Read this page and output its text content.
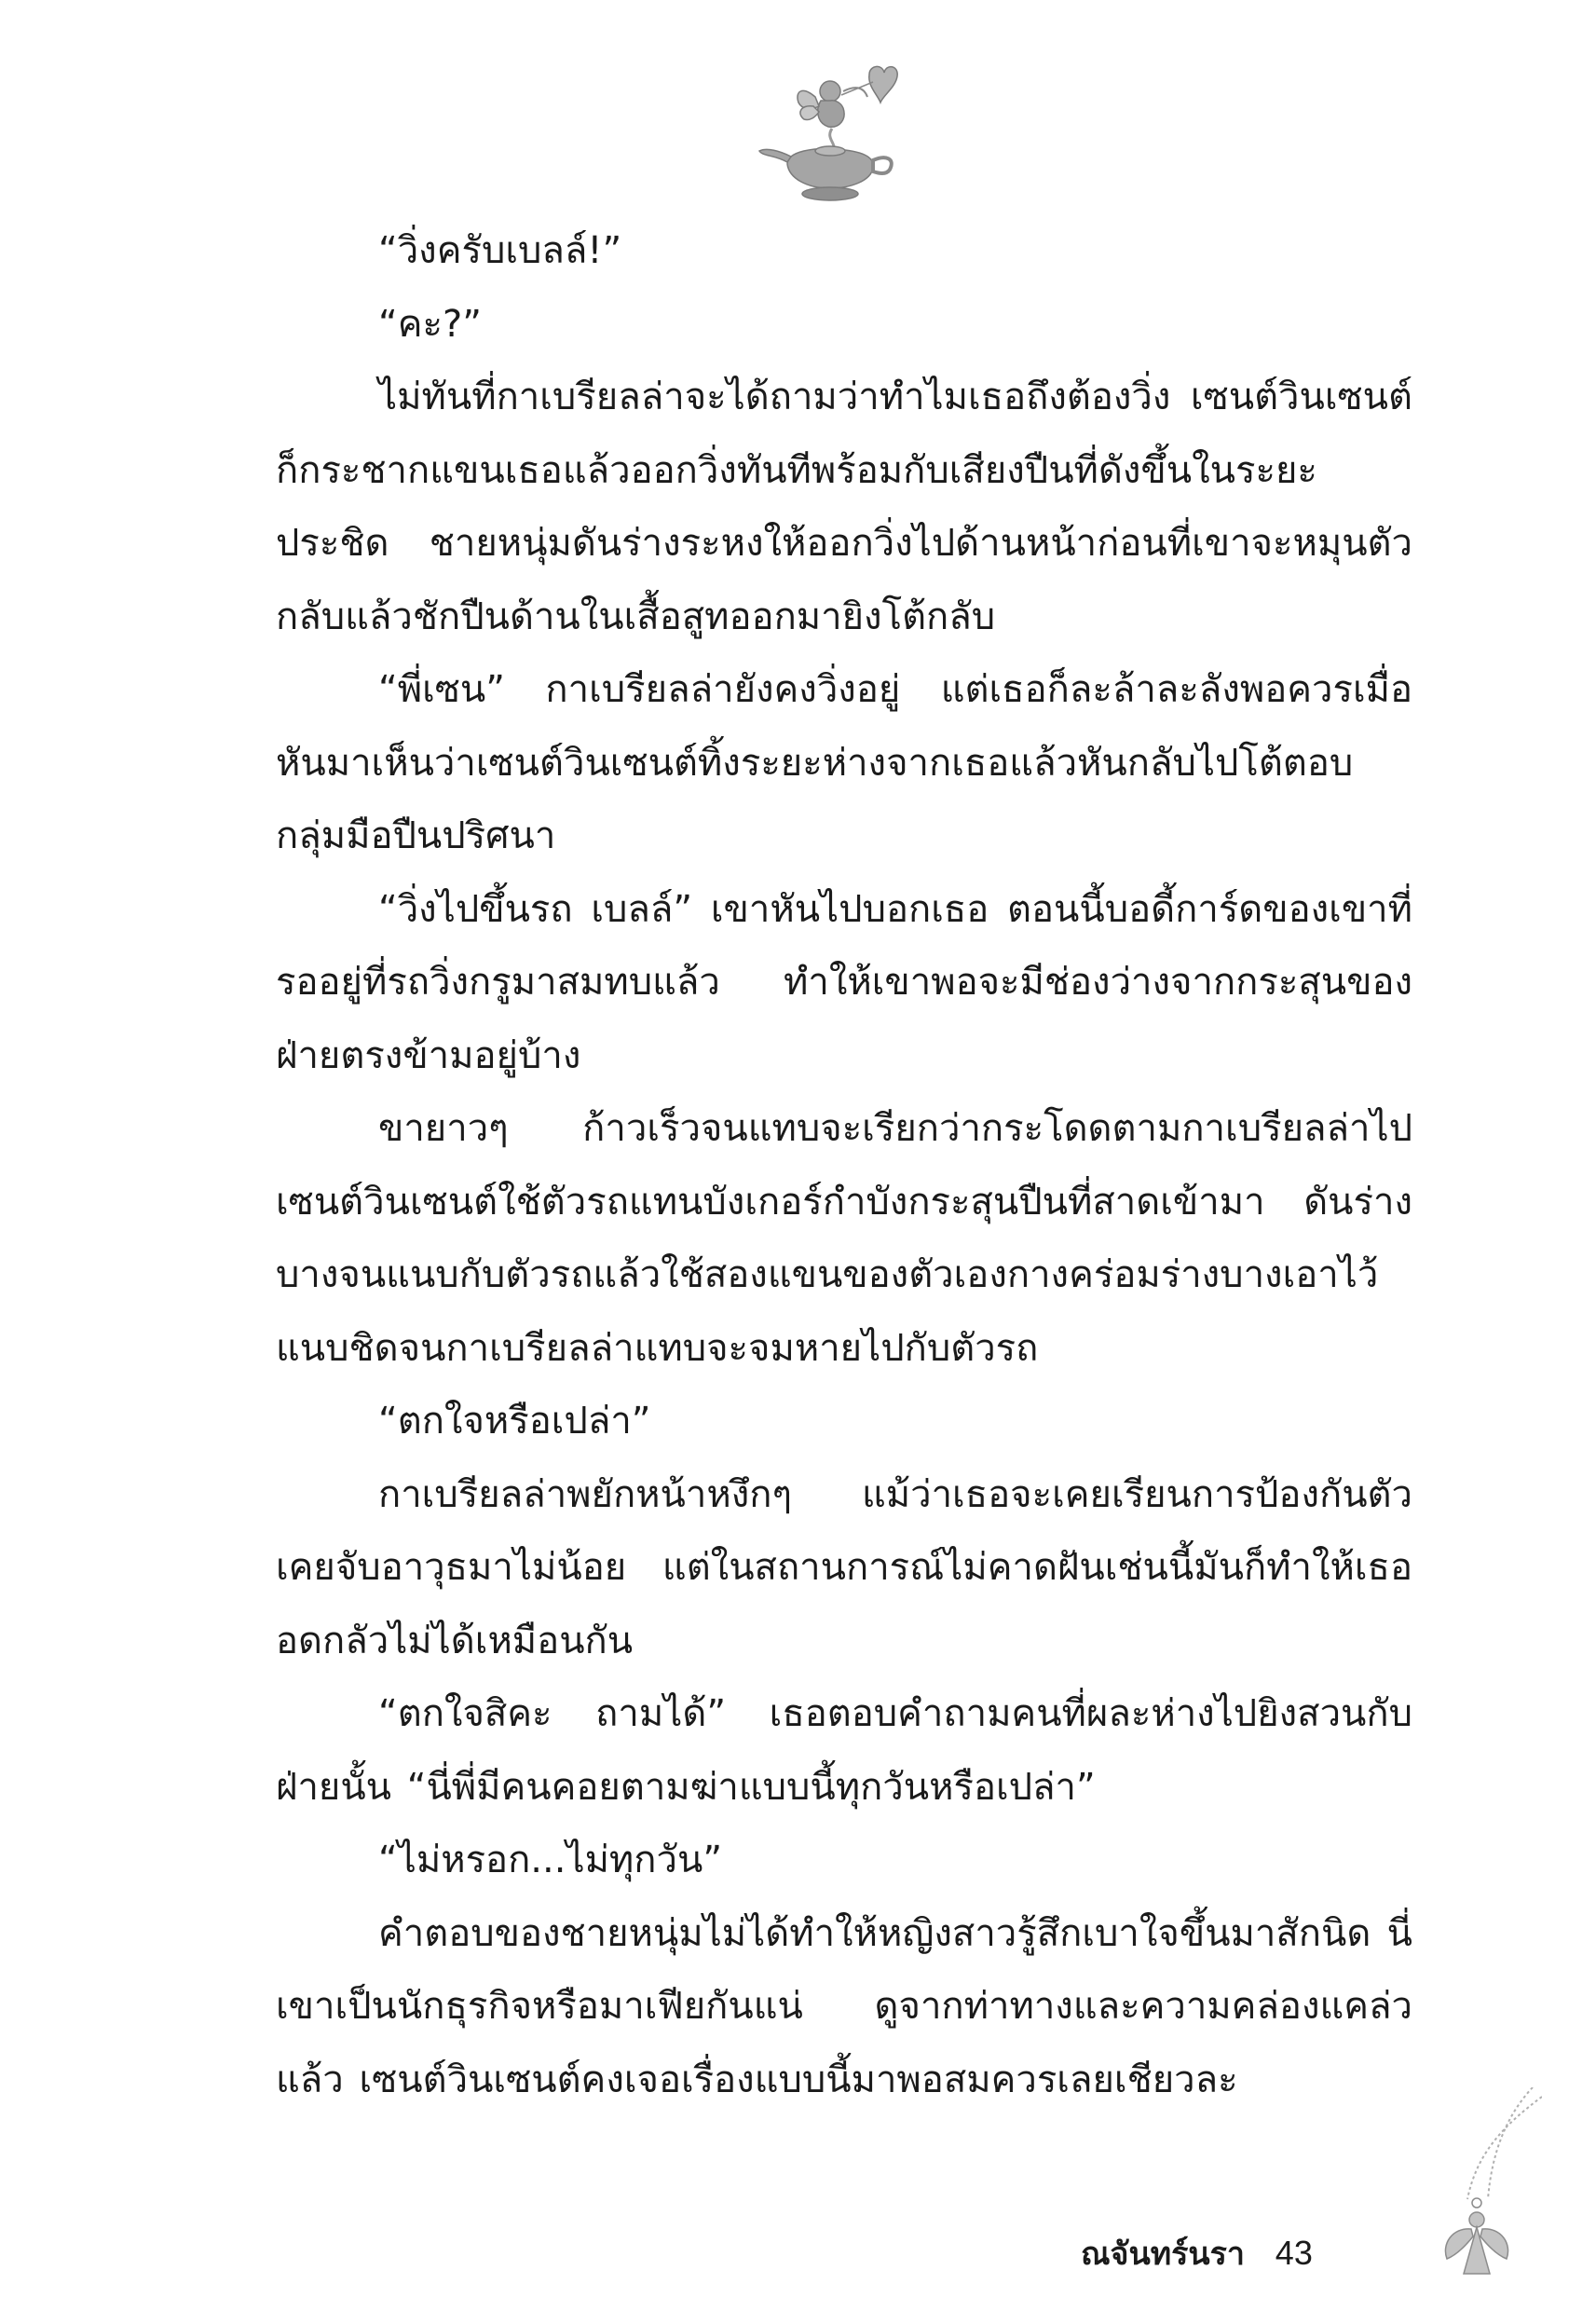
“วิ่งครับเบลล์!”

“คะ?”

ไม่ทันที่กาเบรียลล่าจะได้ถามว่าทำไมเธอถึงต้องวิ่ง เซนต์วินเซนต์ก็กระชากแขนเธอแล้วออกวิ่งทันทีพร้อมกับเสียงปืนที่ดังขึ้นในระยะประชิด ชายหนุ่มดันร่างระหงให้ออกวิ่งไปด้านหน้าก่อนที่เขาจะหมุนตัวกลับแล้วชักปืนด้านในเสื้อสูทออกมายิงโต้กลับ

“พี่เซน” กาเบรียลล่ายังคงวิ่งอยู่ แต่เธอก็ละล้าละลังพอควรเมื่อหันมาเห็นว่าเซนต์วินเซนต์ทิ้งระยะห่างจากเธอแล้วหันกลับไปโต้ตอบกลุ่มมือปืนปริศนา

“วิ่งไปขึ้นรถ เบลล์” เขาหันไปบอกเธอ ตอนนี้บอดี้การ์ดของเขาที่รออยู่ที่รถวิ่งกรูมาสมทบแล้ว ทำให้เขาพอจะมีช่องว่างจากกระสุนของฝ่ายตรงข้ามอยู่บ้าง

ขายาวๆ ก้าวเร็วจนแทบจะเรียกว่ากระโดดตามกาเบรียลล่าไป เซนต์วินเซนต์ใช้ตัวรถแทนบังเกอร์กำบังกระสุนปืนที่สาดเข้ามา ดันร่างบางจนแนบกับตัวรถแล้วใช้สองแขนของตัวเองกางคร่อมร่างบางเอาไว้แนบชิดจนกาเบรียลล่าแทบจะจมหายไปกับตัวรถ

“ตกใจหรือเปล่า”

กาเบรียลล่าพยักหน้าหงึกๆ แม้ว่าเธอจะเคยเรียนการป้องกันตัว เคยจับอาวุธมาไม่น้อย แต่ในสถานการณ์ไม่คาดฝันเช่นนี้มันก็ทำให้เธออดกลัวไม่ได้เหมือนกัน

“ตกใจสิคะ ถามได้” เธอตอบคำถามคนที่ผละห่างไปยิงสวนกับฝ่ายนั้น “นี่พี่มีคนคอยตามฆ่าแบบนี้ทุกวันหรือเปล่า”

“ไม่หรอก...ไม่ทุกวัน”

คำตอบของชายหนุ่มไม่ได้ทำให้หญิงสาวรู้สึกเบาใจขึ้นมาสักนิด นี่เขาเป็นนักธุรกิจหรือมาเฟียกันแน่ ดูจากท่าทางและความคล่องแคล่วแล้ว เซนต์วินเซนต์คงเจอเรื่องแบบนี้มาพอสมควรเลยเชียวละ

ณจันทร์นรา 43
